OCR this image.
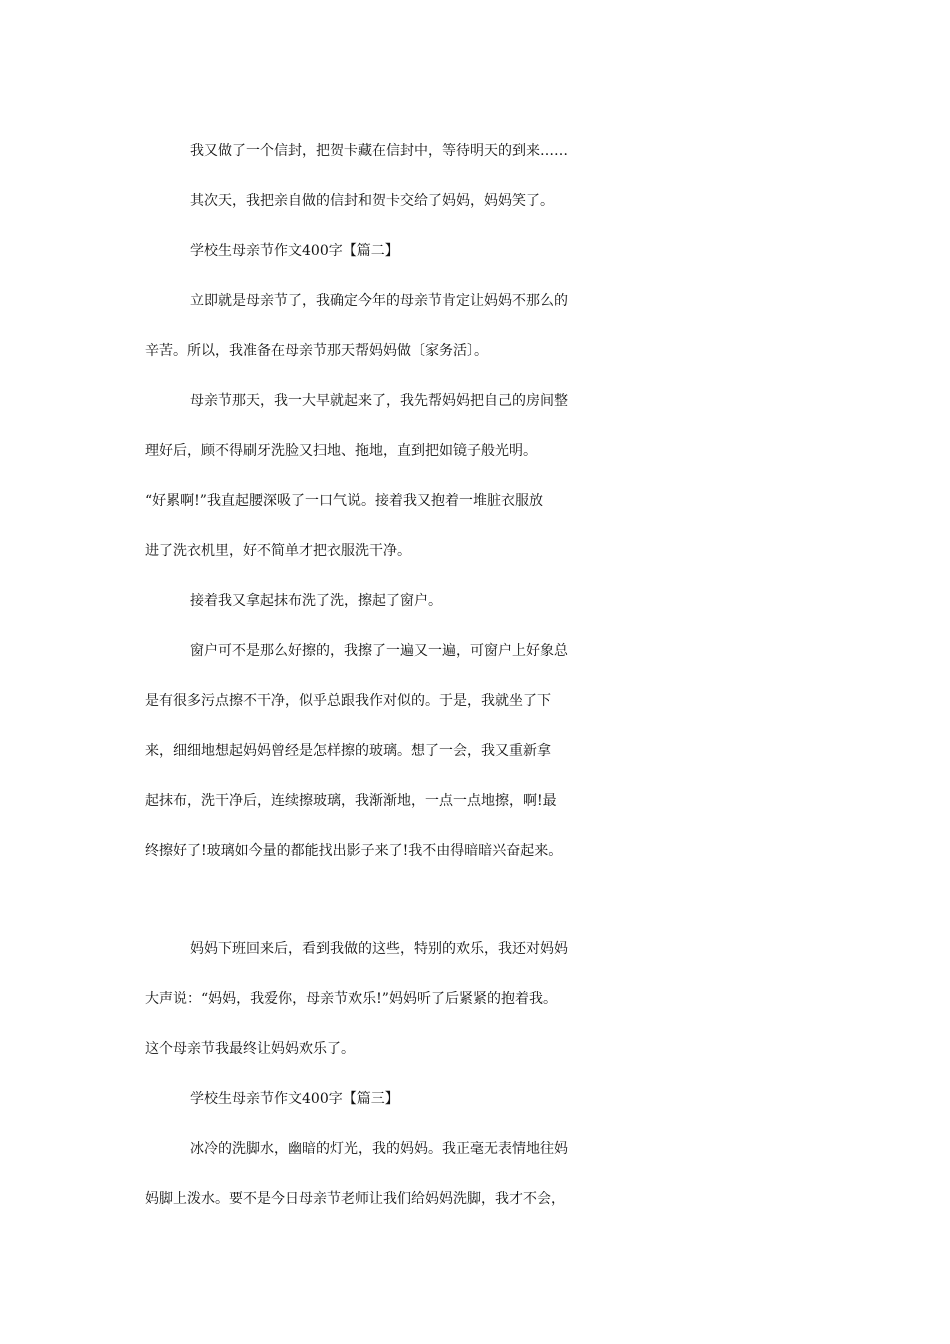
我又做了一个信封，把贺卡藏在信封中，等待明天的到来……
其次天，我把亲自做的信封和贺卡交给了妈妈，妈妈笑了。
学校生母亲节作文400字【篇二】
立即就是母亲节了，我确定今年的母亲节肯定让妈妈不那么的
辛苦。所以，我准备在母亲节那天帮妈妈做〔家务活〕。
母亲节那天，我一大早就起来了，我先帮妈妈把自己的房间整
理好后，顾不得刷牙洗脸又扫地、拖地，直到把如镜子般光明。
“好累啊!”我直起腰深吸了一口气说。接着我又抱着一堆脏衣服放
进了洗衣机里，好不简单才把衣服洗干净。
接着我又拿起抹布洗了洗，擦起了窗户。
窗户可不是那么好擦的，我擦了一遍又一遍，可窗户上好象总
是有很多污点擦不干净，似乎总跟我作对似的。于是，我就坐了下
来，细细地想起妈妈曾经是怎样擦的玻璃。想了一会，我又重新拿
起抹布，洗干净后，连续擦玻璃，我渐渐地，一点一点地擦，啊!最
终擦好了!玻璃如今量的都能找出影子来了!我不由得暗暗兴奋起来。
妈妈下班回来后，看到我做的这些，特别的欢乐，我还对妈妈
大声说：“妈妈，我爱你，母亲节欢乐!”妈妈听了后紧紧的抱着我。
这个母亲节我最终让妈妈欢乐了。
学校生母亲节作文400字【篇三】
冰冷的洗脚水，幽暗的灯光，我的妈妈。我正毫无表情地往妈
妈脚上泼水。要不是今日母亲节老师让我们给妈妈洗脚，我才不会，
